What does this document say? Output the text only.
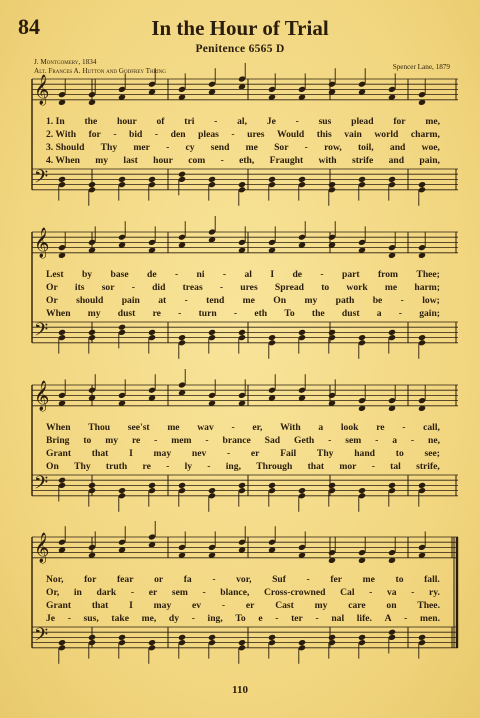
84	In the Hour of Trial
Penitence 6565 D
J. Montgomery, 1834
Alt. Frances A. Hutton and Godfrey Thring	Spencer Lane, 1879
𝄞
𝄢
𝄞
𝄢
𝄞
𝄢
𝄞
𝄢
1. In the hour of tri - al, Je - sus plead for me,
2. With for - bid - den pleas - ures Would this vain world charm,
3. Should Thy mer - cy send me Sor - row, toil, and woe,
4. When my last hour com - eth, Fraught with strife and pain,
Lest by base de - ni - al I de - part from Thee;
Or its sor - did treas - ures Spread to work me harm;
Or should pain at - tend me On my path be - low;
When my dust re - turn - eth To the dust a - gain;
When Thou see'st me wav - er, With a look re - call,
Bring to my re - mem - brance Sad Geth - sem - a - ne,
Grant that I may nev - er Fail Thy hand to see;
On Thy truth re - ly - ing, Through that mor - tal strife,
Nor, for fear or fa - vor, Suf - fer me to fall.
Or, in dark - er sem - blance, Cross-crowned Cal - va - ry.
Grant that I may ev - er Cast my care on Thee.
Je - sus, take me, dy - ing, To e - ter - nal life. A - men.
110
